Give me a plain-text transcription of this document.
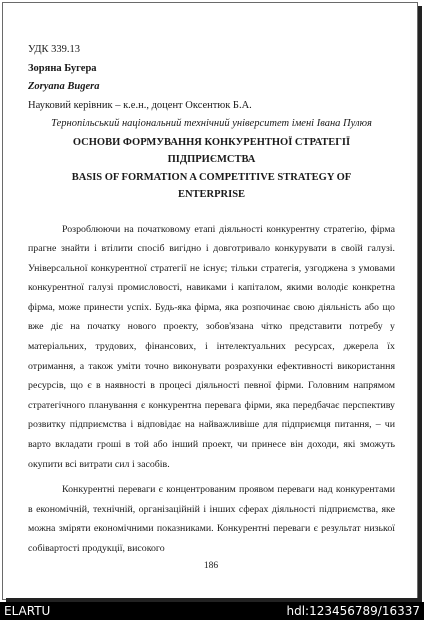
УДК 339.13
Зоряна Бугера
Zoryana Bugera
Науковий керівник – к.е.н., доцент Оксентюк Б.А.
Тернопільський національний технічний університет імені Івана Пулюя
ОСНОВИ ФОРМУВАННЯ КОНКУРЕНТНОЇ СТРАТЕГІЇ
ПІДПРИЄМСТВА
BASIS OF FORMATION A COMPETITIVE STRATEGY OF
ENTERPRISE

Розроблюючи на початковому етапі діяльності конкурентну стратегію, фірма прагне знайти і втілити спосіб вигідно і довготривало конкурувати в своїй галузі. Універсальної конкурентної стратегії не існує; тільки стратегія, узгоджена з умовами конкурентної галузі промисловості, навиками і капіталом, якими володіє конкретна фірма, може принести успіх. Будь-яка фірма, яка розпочинає свою діяльність або що вже діє на початку нового проекту, зобов'язана чітко представити потребу у матеріальних, трудових, фінансових, і інтелектуальних ресурсах, джерела їх отримання, а також уміти точно виконувати розрахунки ефективності використання ресурсів, що є в наявності в процесі діяльності певної фірми. Головним напрямом стратегічного планування є конкурентна перевага фірми, яка передбачає перспективу розвитку підприємства і відповідає на найважливіше для підприємця питання, – чи варто вкладати гроші в той або інший проект, чи принесе він доходи, які зможуть окупити всі витрати сил і засобів.

Конкурентні переваги є концентрованим проявом переваги над конкурентами в економічній, технічній, організаційній і інших сферах діяльності підприємства, яке можна зміряти економічними показниками. Конкурентні переваги є результат низької собівартості продукції, високого

186
ELARTU	hdl:123456789/16337
